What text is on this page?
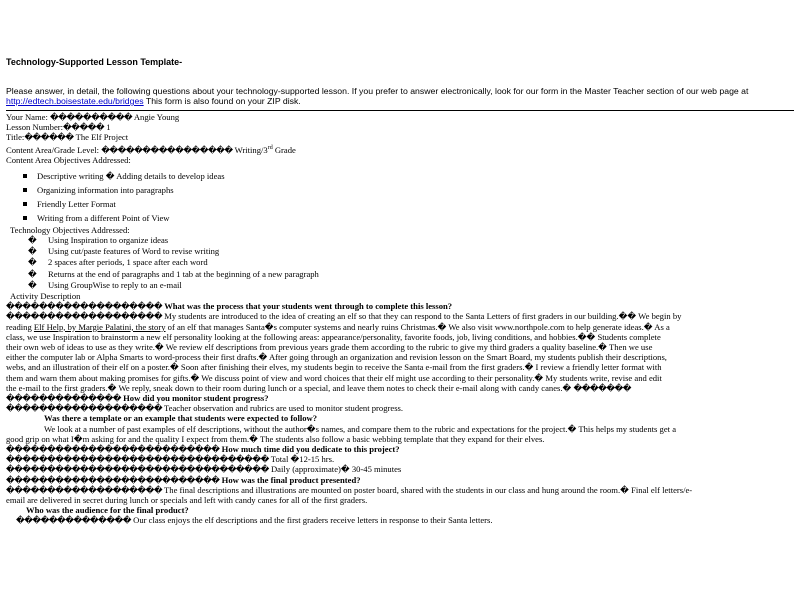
Technology-Supported Lesson Template-
Please answer, in detail, the following questions about your technology-supported lesson. If you prefer to answer electronically, look for our form in the Master Teacher section of our web page at http://edtech.boisestate.edu/bridges This form is also found on your ZIP disk.
Your Name: ���������� Angie Young
Lesson Number:����� 1
Title:������ The Elf Project
Content Area/Grade Level: ���������������� Writing/3rd Grade
Content Area Objectives Addressed:
Descriptive writing � Adding details to develop ideas
Organizing information into paragraphs
Friendly Letter Format
Writing from a different Point of View
Technology Objectives Addressed:
� Using Inspiration to organize ideas
� Using cut/paste features of Word to revise writing
� 2 spaces after periods, 1 space after each word
� Returns at the end of paragraphs and 1 tab at the beginning of a new paragraph
� Using GroupWise to reply to an e-mail
Activity Description
������������������� What was the process that your students went through to complete this lesson?
������������������� My students are introduced to the idea of creating an elf so that they can respond to the Santa Letters of first graders in our building.�� We begin by
reading Elf Help, by Margie Palatini, the story of an elf that manages Santa�s computer systems and nearly ruins Christmas.� We also visit www.northpole.com to help generate ideas.� As a
class, we use Inspiration to brainstorm a new elf personality looking at the following areas: appearance/personality, favorite foods, job, living conditions, and hobbies.�� Students complete
their own web of ideas to use as they write.� We review elf descriptions from previous years grade them according to the rubric to give my third graders a quality baseline.� Then we use
either the computer lab or Alpha Smarts to word-process their first drafts.� After going through an organization and revision lesson on the Smart Board, my students publish their descriptions,
webs, and an illustration of their elf on a poster.� Soon after finishing their elves, my students begin to receive the Santa e-mail from the first graders.� I review a friendly letter format with
them and warn them about making promises for gifts.� We discuss point of view and word choices that their elf might use according to their personality.� My students write, revise and edit
the e-mail to the first graders.� We reply, sneak down to their room during lunch or a special, and leave them notes to check their e-mail along with candy canes.� �������
�������������� How did you monitor student progress?
������������������� Teacher observation and rubrics are used to monitor student progress.
Was there a template or an example that students were expected to follow?
We look at a number of past examples of elf descriptions, without the author�s names, and compare them to the rubric and expectations for the project.� This helps my students get a
good grip on what I�m asking for and the quality I expect from them.� The students also follow a basic webbing template that they expand for their elves.
�������������������������� How much time did you dedicate to this project?
�������������������������������� Total �12-15 hrs.
�������������������������������� Daily (approximate)� 30-45 minutes
�������������������������� How was the final product presented?
������������������� The final descriptions and illustrations are mounted on poster board, shared with the students in our class and hung around the room.� Final elf letters/e-
email are delivered in secret during lunch or specials and left with candy canes for all of the first graders.
Who was the audience for the final product?
�������������� Our class enjoys the elf descriptions and the first graders receive letters in response to their Santa letters.
